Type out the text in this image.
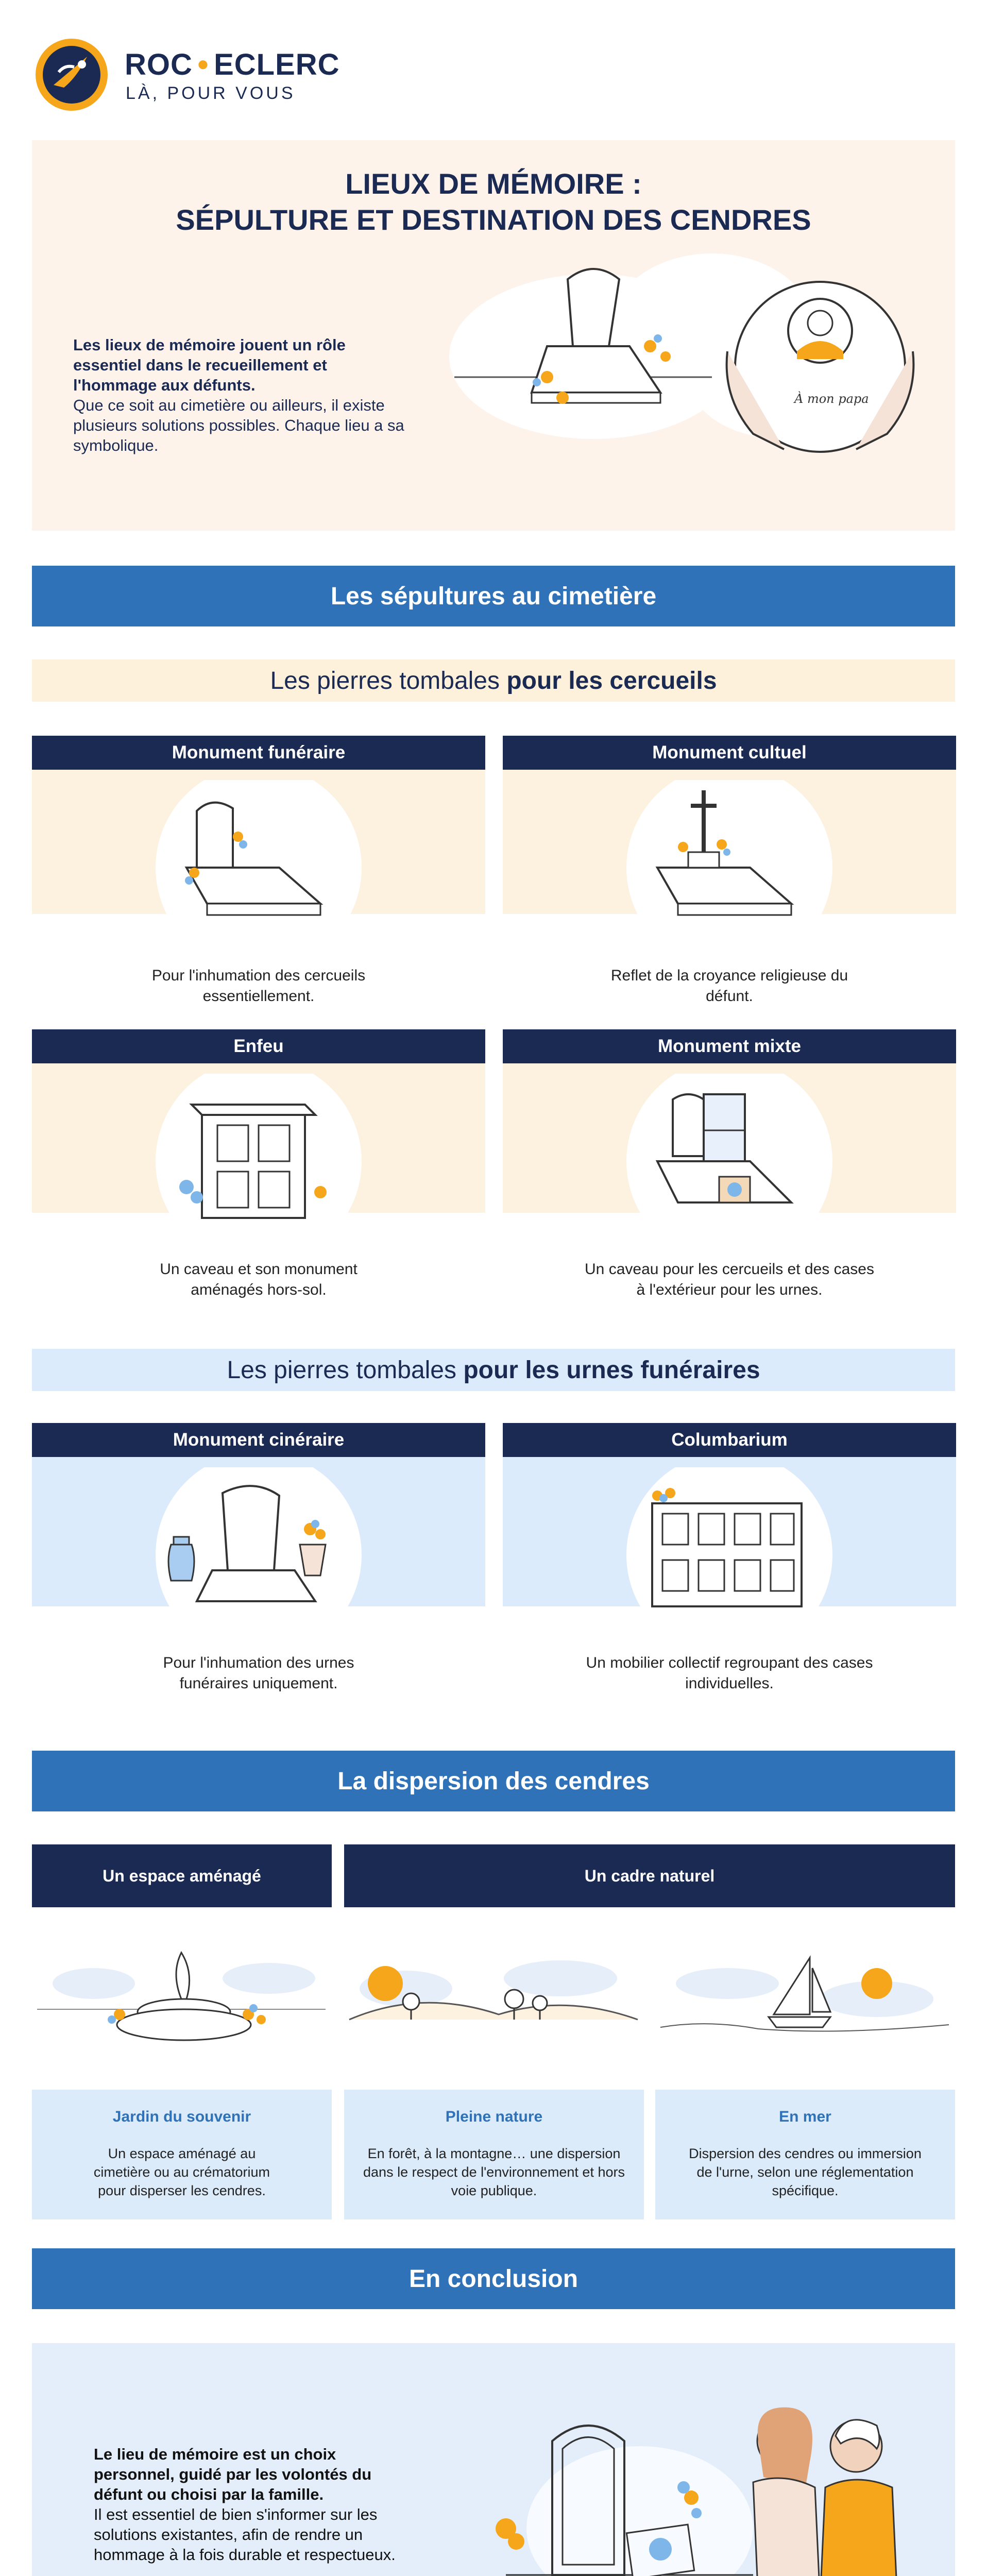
ROC ● ECLERC
LÀ, POUR VOUS
LIEUX DE MÉMOIRE :
SÉPULTURE ET DESTINATION DES CENDRES
Les lieux de mémoire jouent un rôle essentiel dans le recueillement et l'hommage aux défunts.
Que ce soit au cimetière ou ailleurs, il existe plusieurs solutions possibles. Chaque lieu a sa symbolique.
À mon papa
Les sépultures au cimetière
Les pierres tombales pour les cercueils
Monument funéraire
Pour l'inhumation des cercueils essentiellement.
Monument cultuel
Reflet de la croyance religieuse du défunt.
Enfeu
Un caveau et son monument aménagés hors-sol.
Monument mixte
Un caveau pour les cercueils et des cases à l'extérieur pour les urnes.
Les pierres tombales pour les urnes funéraires
Monument cinéraire
Pour l'inhumation des urnes funéraires uniquement.
Columbarium
Un mobilier collectif regroupant des cases individuelles.
La dispersion des cendres
Un espace aménagé	Un cadre naturel
Jardin du souvenir
Un espace aménagé au cimetière ou au crématorium pour disperser les cendres.
Pleine nature
En forêt, à la montagne… une dispersion dans le respect de l'environnement et hors voie publique.
En mer
Dispersion des cendres ou immersion de l'urne, selon une réglementation spécifique.
En conclusion
Le lieu de mémoire est un choix personnel, guidé par les volontés du défunt ou choisi par la famille.
Il est essentiel de bien s'informer sur les solutions existantes, afin de rendre un hommage à la fois durable et respectueux.
